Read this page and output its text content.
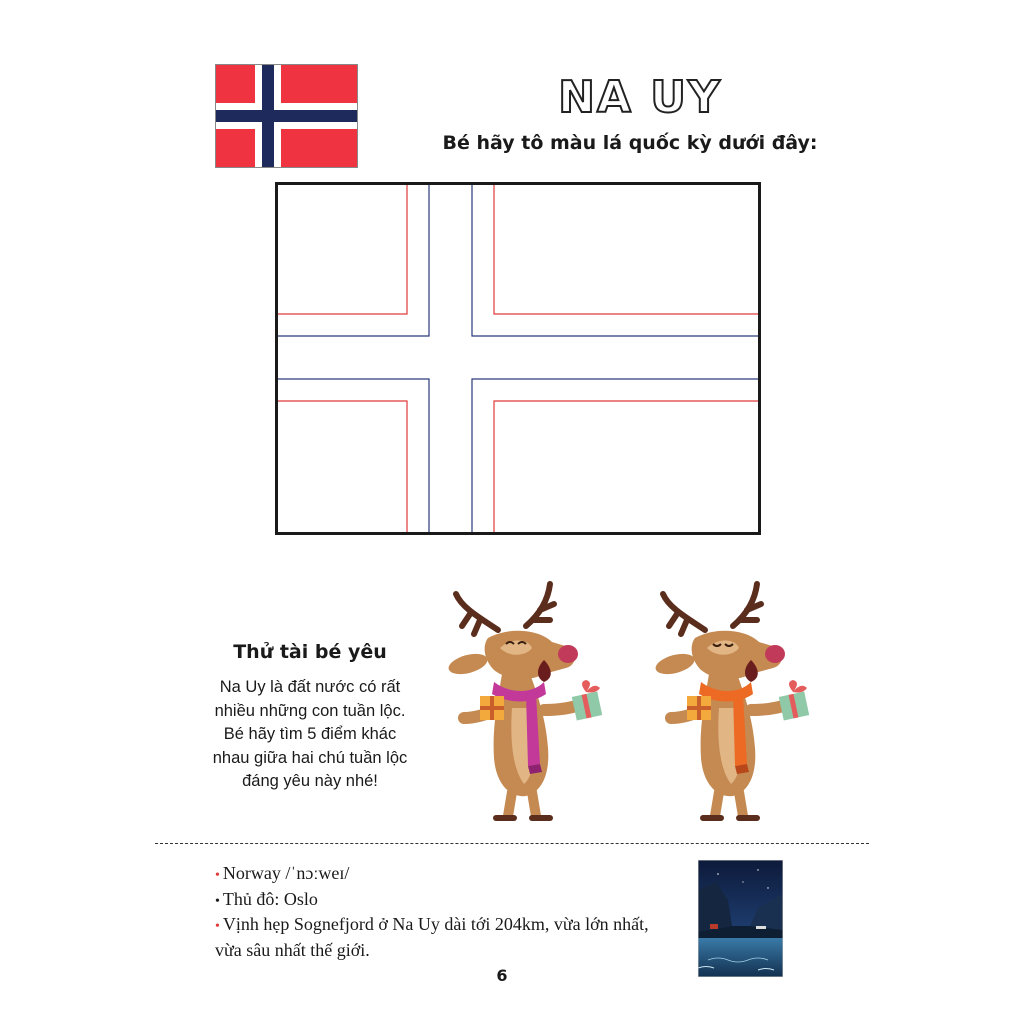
NA UY
Bé hãy tô màu lá quốc kỳ dưới đây:
Thử tài bé yêu
Na Uy là đất nước có rất nhiều những con tuần lộc. Bé hãy tìm 5 điểm khác nhau giữa hai chú tuần lộc đáng yêu này nhé!
• Norway /ˈnɔːweɪ/
• Thủ đô: Oslo
• Vịnh hẹp Sognefjord ở Na Uy dài tới 204km, vừa lớn nhất, vừa sâu nhất thế giới.
6
